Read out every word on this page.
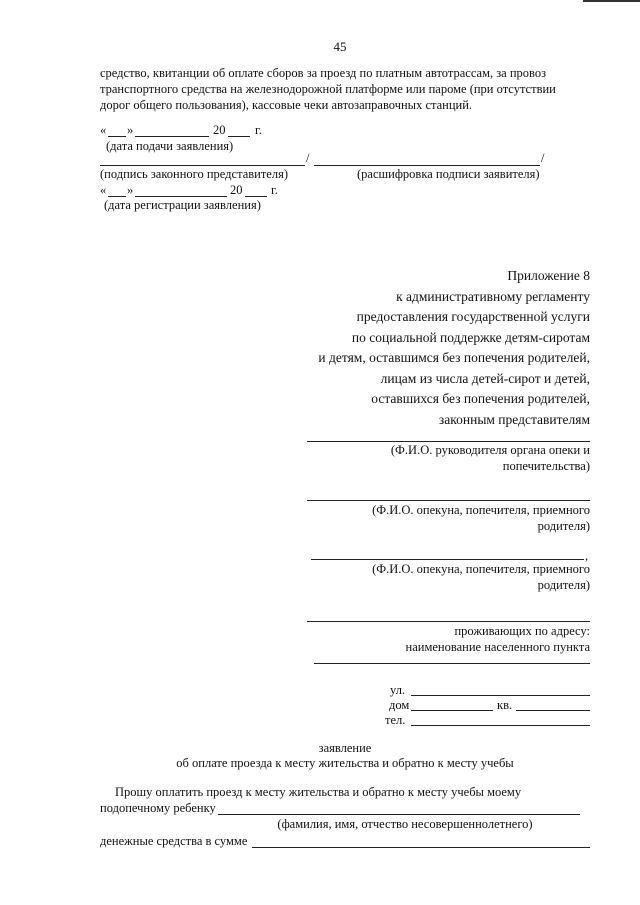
45
средство, квитанции об оплате сборов за проезд по платным автотрассам, за провоз
транспортного средства на железнодорожной платформе или пароме (при отсутствии
дорог общего пользования), кассовые чеки автозаправочных станций.
« »	20 г.
(дата подачи заявления)
/	/
(подпись законного представителя)	(расшифровка подписи заявителя)
« »	20 г.
(дата регистрации заявления)
Приложение 8
к административному регламенту
предоставления государственной услуги
по социальной поддержке детям-сиротам
и детям, оставшимся без попечения родителей,
лицам из числа детей-сирот и детей,
оставшихся без попечения родителей,
законным представителям
(Ф.И.О. руководителя органа опеки и
попечительства)
(Ф.И.О. опекуна, попечителя, приемного
родителя)
,
(Ф.И.О. опекуна, попечителя, приемного
родителя)
проживающих по адресу:
наименование населенного пункта
ул.
дом	кв.
тел.
заявление
об оплате проезда к месту жительства и обратно к месту учебы
Прошу оплатить проезд к месту жительства и обратно к месту учебы моему
подопечному ребенку
(фамилия, имя, отчество несовершеннолетнего)
денежные средства в сумме
